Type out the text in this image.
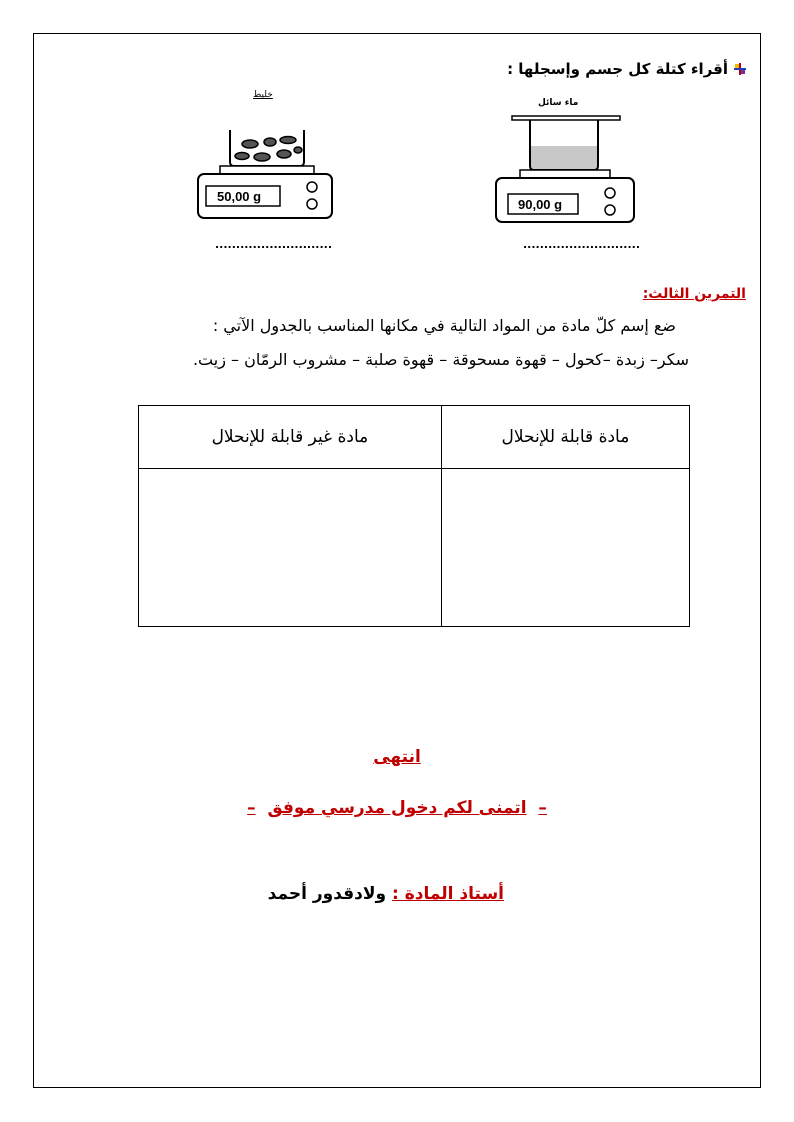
أقراء كتلة كل جسم وإسجلها :
خليط
50,00 g
............................
ماء سائل
90,00 g
............................
التمرين الثالث:
ضع إسم كلّ مادة من المواد التالية في مكانها المناسب بالجدول الآتي :
سكر– زبدة –كحول – قهوة مسحوقة – قهوة صلبة – مشروب الرمّان – زيت.
مادة قابلة للإنحلال	مادة غير قابلة للإنحلال

انتهى
–  اتمنى لكم دخول مدرسي موفق  –
أستاذ المادة : ولادقدور أحمد
